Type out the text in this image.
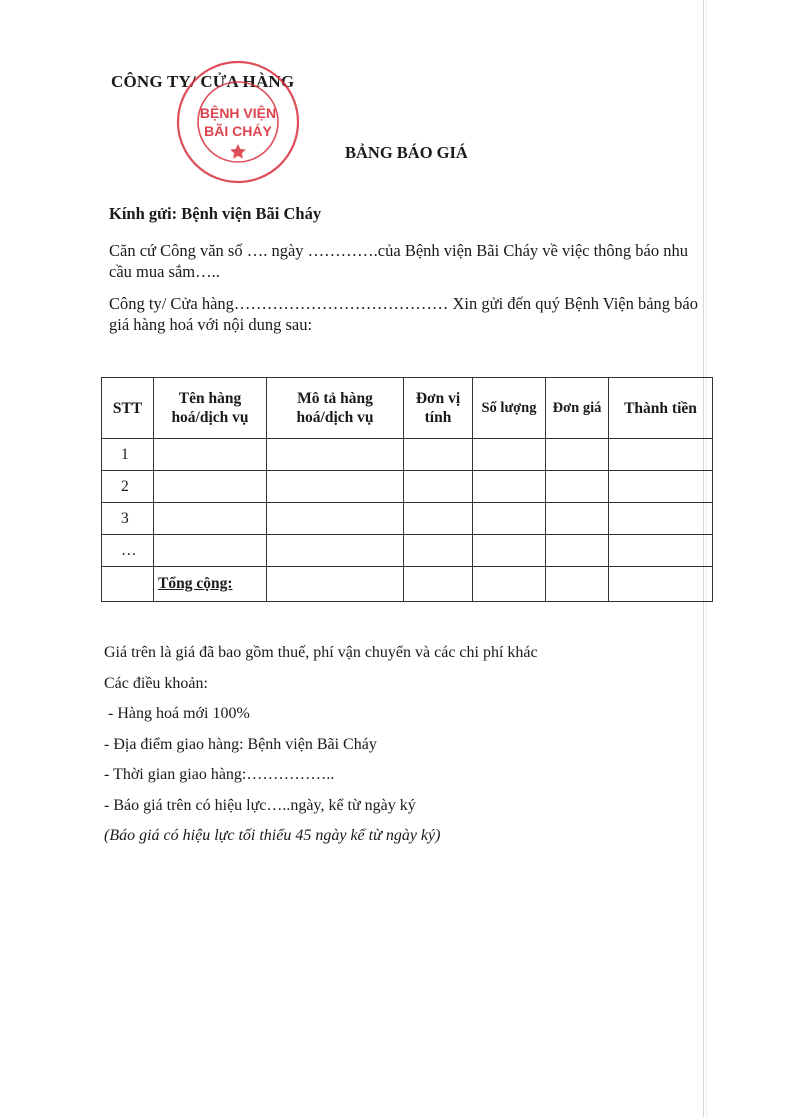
CÔNG TY/ CỬA HÀNG
BỆNH VIỆN
BÃI CHÁY
BẢNG BÁO GIÁ
Kính gửi: Bệnh viện Bãi Cháy
Căn cứ Công văn số …. ngày ………….của Bệnh viện Bãi Cháy về việc thông báo nhu cầu mua sắm…..
Công ty/ Cửa hàng………………………………… Xin gửi đến quý Bệnh Viện bảng báo giá hàng hoá với nội dung sau:
STT	Tên hàng hoá/dịch vụ	Mô tả hàng hoá/dịch vụ	Đơn vị tính	Số lượng	Đơn giá	Thành tiền
1						
2						
3						
…						
	Tổng cộng:					
Giá trên là giá đã bao gồm thuế, phí vận chuyển và các chi phí khác
Các điều khoản:
- Hàng hoá mới 100%
- Địa điểm giao hàng: Bệnh viện Bãi Cháy
- Thời gian giao hàng:……………..
- Báo giá trên có hiệu lực…..ngày, kể từ ngày ký
(Báo giá có hiệu lực tối thiểu 45 ngày kể từ ngày ký)
